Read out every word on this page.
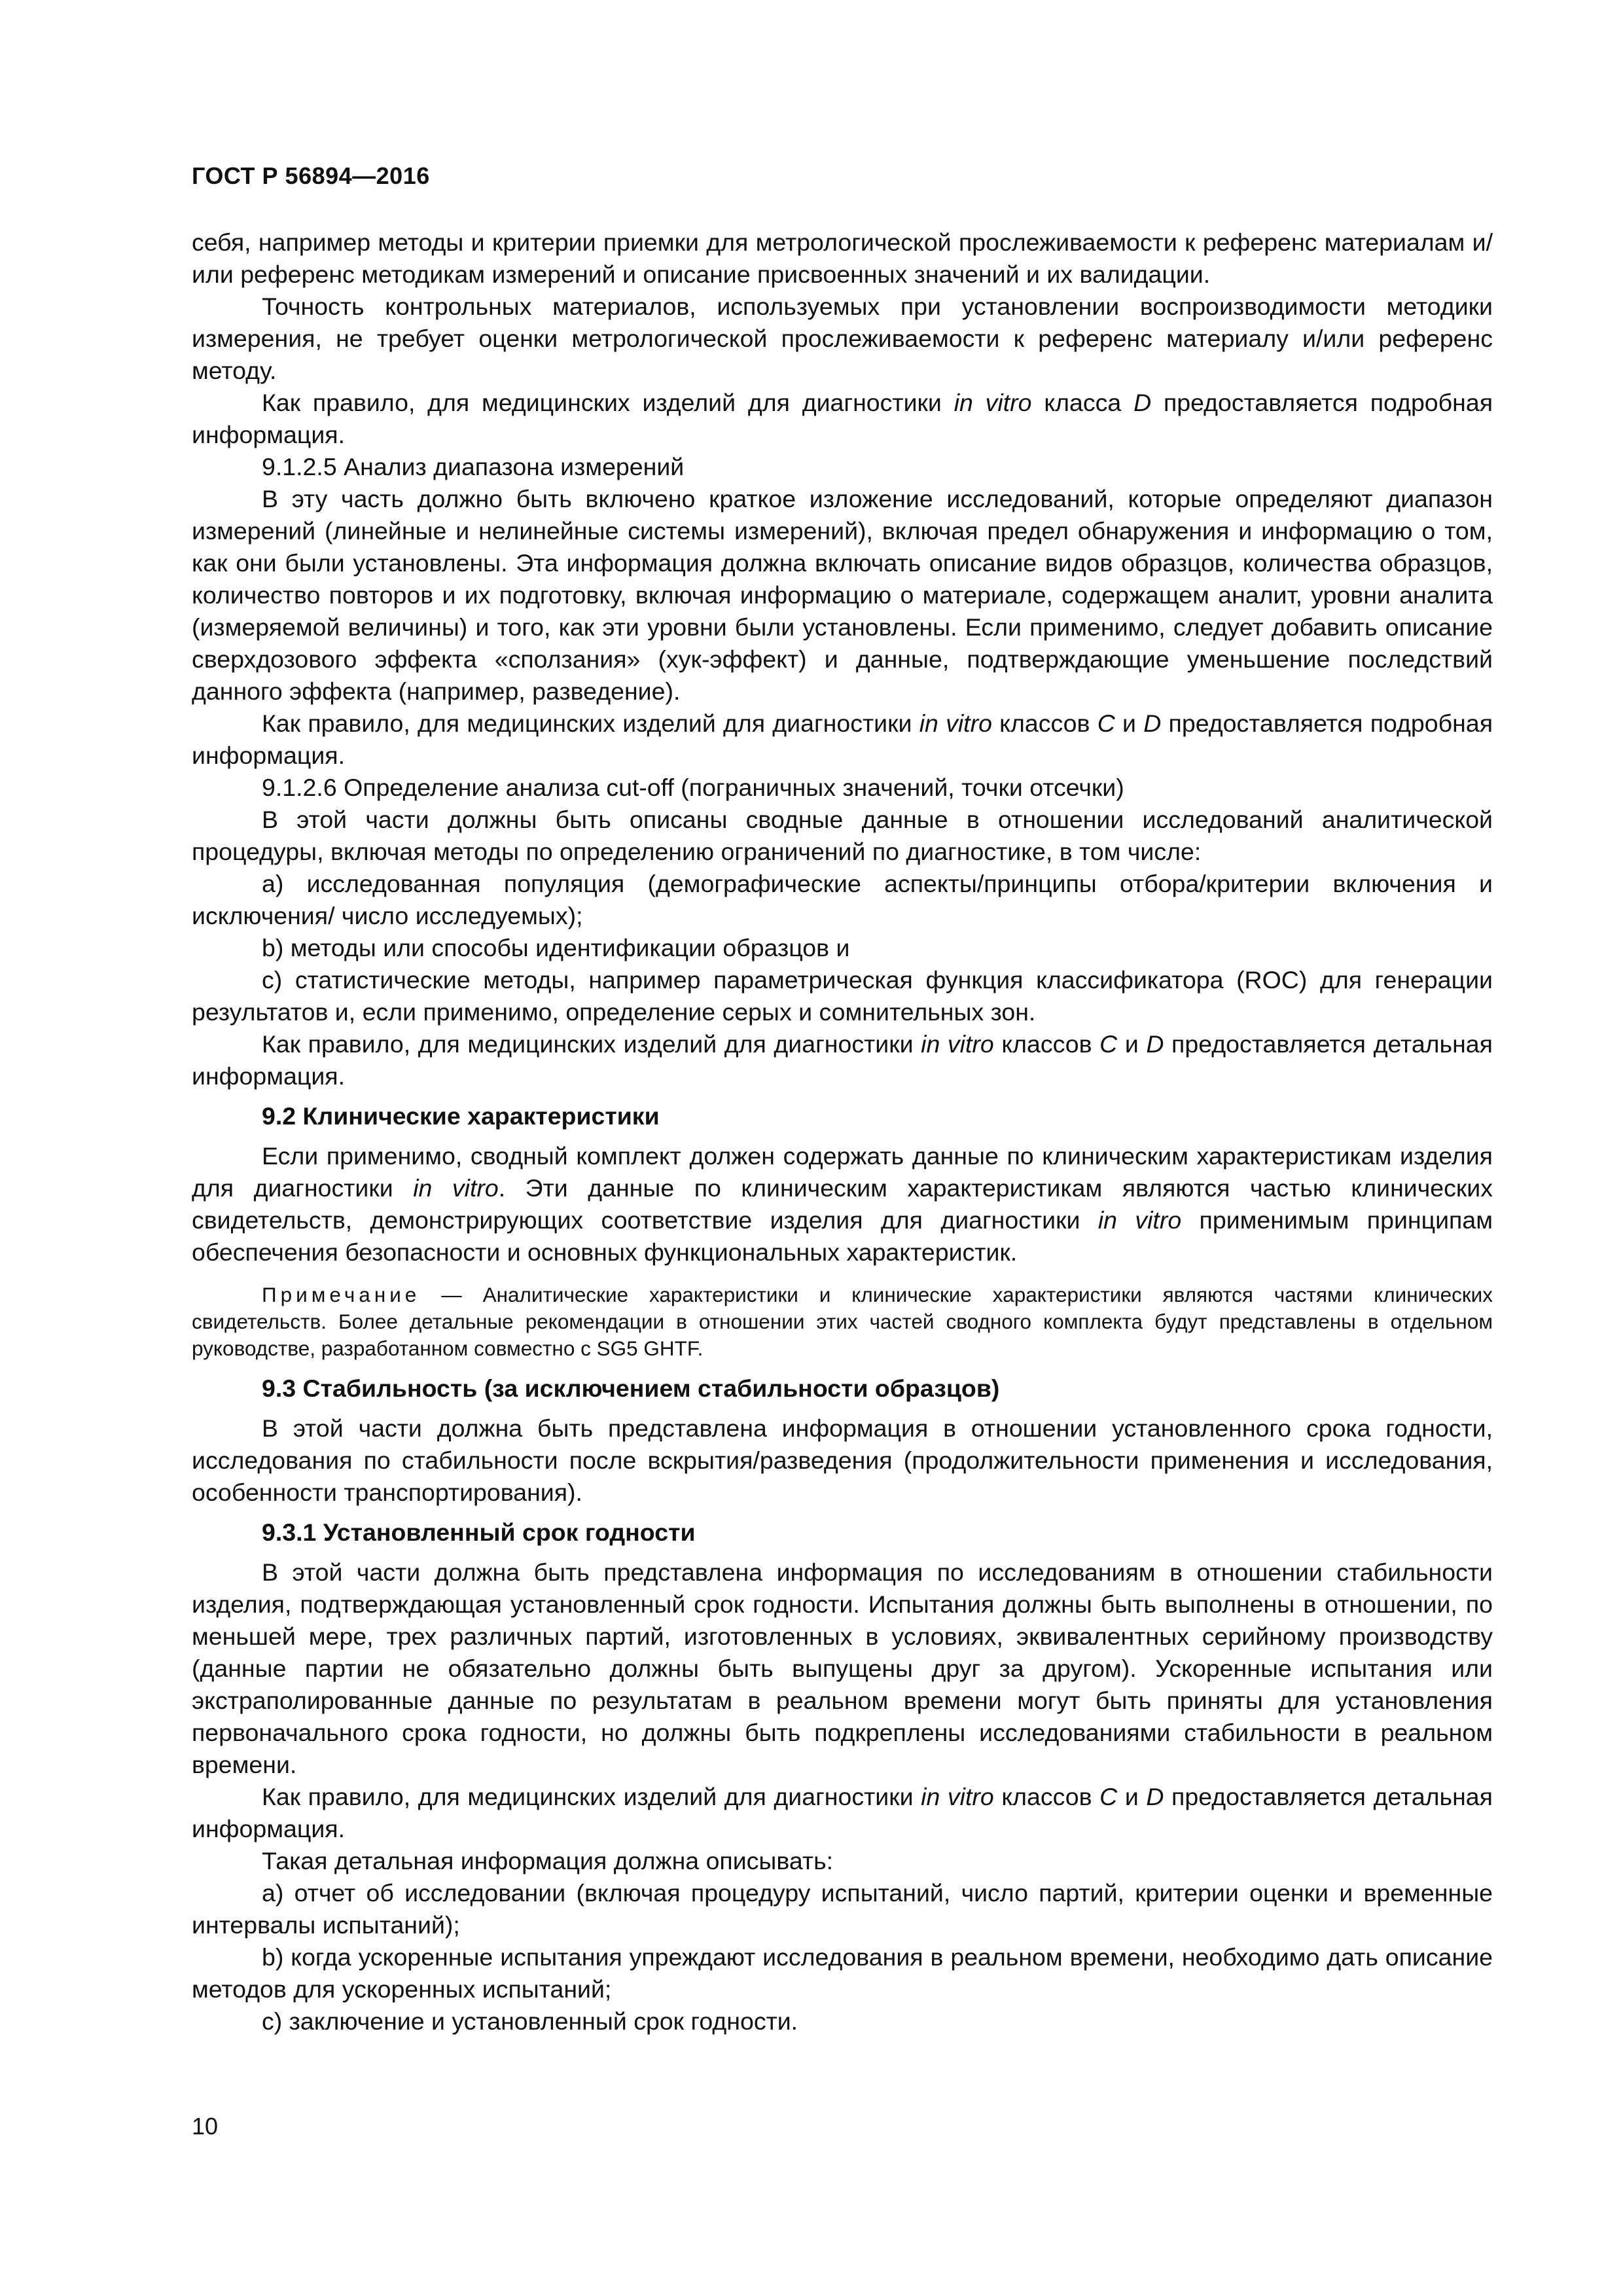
ГОСТ Р 56894—2016

себя, например методы и критерии приемки для метрологической прослеживаемости к референс материалам и/или референс методикам измерений и описание присвоенных значений и их валидации.

Точность контрольных материалов, используемых при установлении воспроизводимости методики измерения, не требует оценки метрологической прослеживаемости к референс материалу и/или референс методу.

Как правило, для медицинских изделий для диагностики in vitro класса D предоставляется подробная информация.

9.1.2.5 Анализ диапазона измерений

В эту часть должно быть включено краткое изложение исследований, которые определяют диапазон измерений (линейные и нелинейные системы измерений), включая предел обнаружения и информацию о том, как они были установлены. Эта информация должна включать описание видов образцов, количества образцов, количество повторов и их подготовку, включая информацию о материале, содержащем аналит, уровни аналита (измеряемой величины) и того, как эти уровни были установлены. Если применимо, следует добавить описание сверхдозового эффекта «сползания» (хук-эффект) и данные, подтверждающие уменьшение последствий данного эффекта (например, разведение).

Как правило, для медицинских изделий для диагностики in vitro классов C и D предоставляется подробная информация.

9.1.2.6 Определение анализа cut-off (пограничных значений, точки отсечки)

В этой части должны быть описаны сводные данные в отношении исследований аналитической процедуры, включая методы по определению ограничений по диагностике, в том числе:

а) исследованная популяция (демографические аспекты/принципы отбора/критерии включения и исключения/ число исследуемых);

b) методы или способы идентификации образцов и

c) статистические методы, например параметрическая функция классификатора (ROC) для генерации результатов и, если применимо, определение серых и сомнительных зон.

Как правило, для медицинских изделий для диагностики in vitro классов C и D предоставляется детальная информация.

9.2 Клинические характеристики

Если применимо, сводный комплект должен содержать данные по клиническим характеристикам изделия для диагностики in vitro. Эти данные по клиническим характеристикам являются частью клинических свидетельств, демонстрирующих соответствие изделия для диагностики in vitro применимым принципам обеспечения безопасности и основных функциональных характеристик.

Примечание — Аналитические характеристики и клинические характеристики являются частями клинических свидетельств. Более детальные рекомендации в отношении этих частей сводного комплекта будут представлены в отдельном руководстве, разработанном совместно с SG5 GHTF.

9.3 Стабильность (за исключением стабильности образцов)

В этой части должна быть представлена информация в отношении установленного срока годности, исследования по стабильности после вскрытия/разведения (продолжительности применения и исследования, особенности транспортирования).

9.3.1 Установленный срок годности

В этой части должна быть представлена информация по исследованиям в отношении стабильности изделия, подтверждающая установленный срок годности. Испытания должны быть выполнены в отношении, по меньшей мере, трех различных партий, изготовленных в условиях, эквивалентных серийному производству (данные партии не обязательно должны быть выпущены друг за другом). Ускоренные испытания или экстраполированные данные по результатам в реальном времени могут быть приняты для установления первоначального срока годности, но должны быть подкреплены исследованиями стабильности в реальном времени.

Как правило, для медицинских изделий для диагностики in vitro классов C и D предоставляется детальная информация.

Такая детальная информация должна описывать:

а) отчет об исследовании (включая процедуру испытаний, число партий, критерии оценки и временные интервалы испытаний);

b) когда ускоренные испытания упреждают исследования в реальном времени, необходимо дать описание методов для ускоренных испытаний;

c) заключение и установленный срок годности.

10
